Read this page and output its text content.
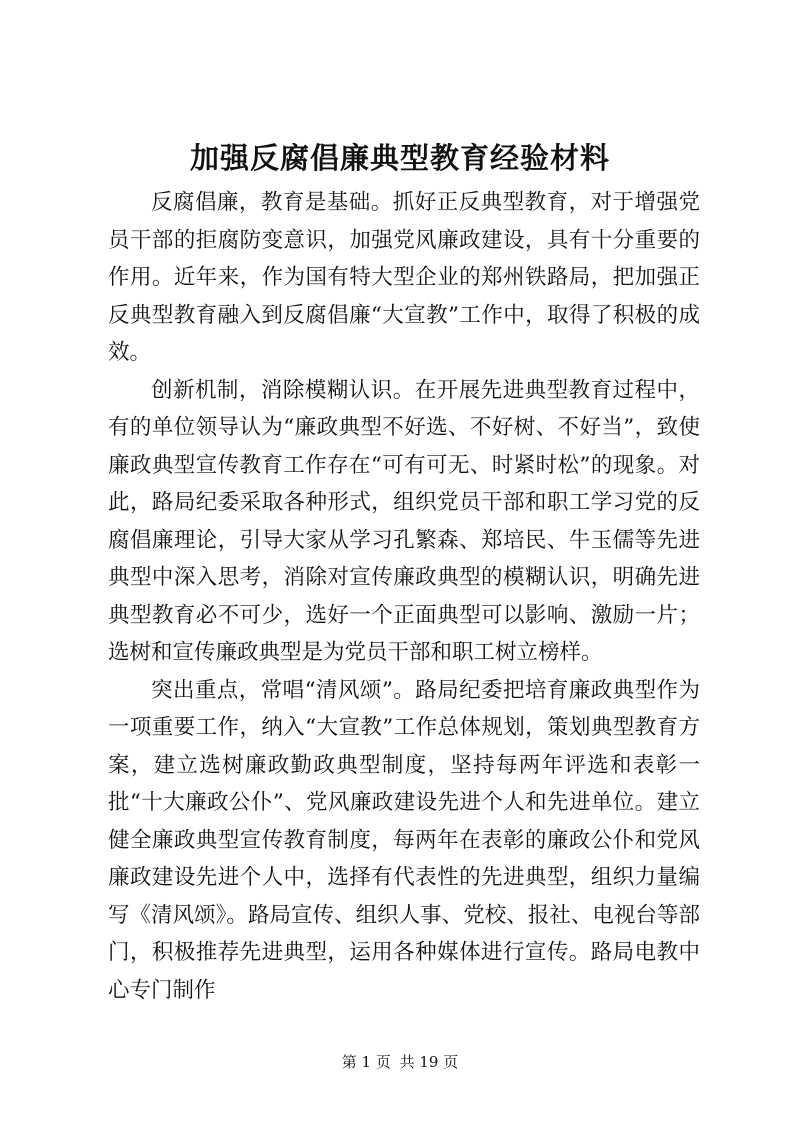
加强反腐倡廉典型教育经验材料

反腐倡廉，教育是基础。抓好正反典型教育，对于增强党员干部的拒腐防变意识，加强党风廉政建设，具有十分重要的作用。近年来，作为国有特大型企业的郑州铁路局，把加强正反典型教育融入到反腐倡廉“大宣教”工作中，取得了积极的成效。

创新机制，消除模糊认识。在开展先进典型教育过程中，有的单位领导认为“廉政典型不好选、不好树、不好当”，致使廉政典型宣传教育工作存在“可有可无、时紧时松”的现象。对此，路局纪委采取各种形式，组织党员干部和职工学习党的反腐倡廉理论，引导大家从学习孔繁森、郑培民、牛玉儒等先进典型中深入思考，消除对宣传廉政典型的模糊认识，明确先进典型教育必不可少，选好一个正面典型可以影响、激励一片；选树和宣传廉政典型是为党员干部和职工树立榜样。

突出重点，常唱“清风颂”。路局纪委把培育廉政典型作为一项重要工作，纳入“大宣教”工作总体规划，策划典型教育方案，建立选树廉政勤政典型制度，坚持每两年评选和表彰一批“十大廉政公仆”、党风廉政建设先进个人和先进单位。建立健全廉政典型宣传教育制度，每两年在表彰的廉政公仆和党风廉政建设先进个人中，选择有代表性的先进典型，组织力量编写《清风颂》。路局宣传、组织人事、党校、报社、电视台等部门，积极推荐先进典型，运用各种媒体进行宣传。路局电教中心专门制作

第 1 页 共 19 页
